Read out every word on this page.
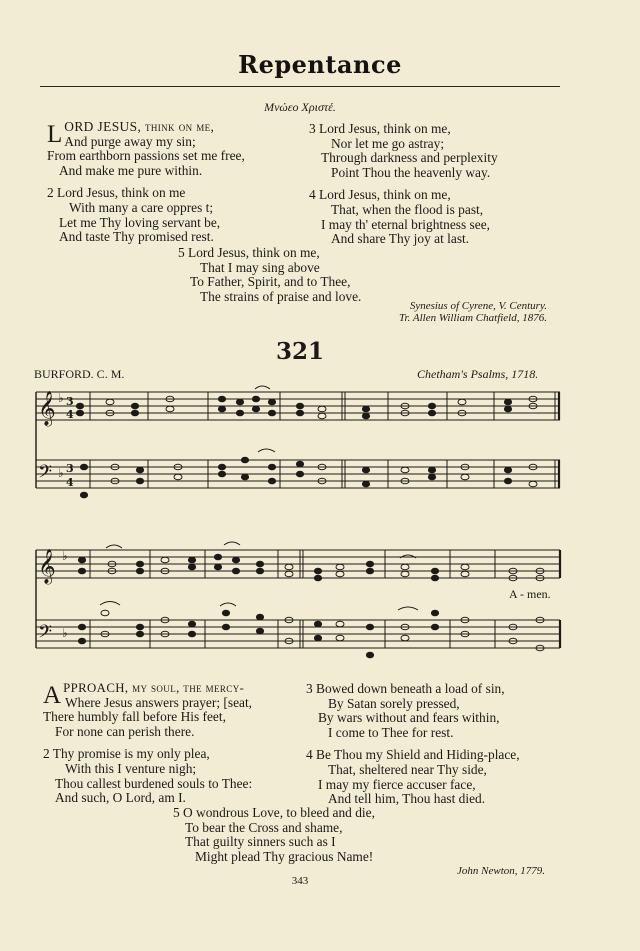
Repentance
Μνώεο Χριστέ.
L ORD JESUS, think on me,
And purge away my sin;
From earthborn passions set me free,
And make me pure within.
2 Lord Jesus, think on me
With many a care oppres t;
Let me Thy loving servant be,
And taste Thy promised rest.
3 Lord Jesus, think on me,
Nor let me go astray;
Through darkness and perplexity
Point Thou the heavenly way.
4 Lord Jesus, think on me,
That, when the flood is past,
I may th' eternal brightness see,
And share Thy joy at last.
5 Lord Jesus, think on me,
That I may sing above
To Father, Spirit, and to Thee,
The strains of praise and love.
Synesius of Cyrene, V. Century.
Tr. Allen William Chatfield, 1876.
321
BURFORD. C. M.	Chetham's Psalms, 1718.
𝄞
𝄢
♭
♭
3
4
3
4
𝄞
𝄢
♭
♭
A - men.
A PPROACH, my soul, the mercy-
Where Jesus answers prayer; [seat,
There humbly fall before His feet,
For none can perish there.
2 Thy promise is my only plea,
With this I venture nigh;
Thou callest burdened souls to Thee:
And such, O Lord, am I.
3 Bowed down beneath a load of sin,
By Satan sorely pressed,
By wars without and fears within,
I come to Thee for rest.
4 Be Thou my Shield and Hiding-place,
That, sheltered near Thy side,
I may my fierce accuser face,
And tell him, Thou hast died.
5 O wondrous Love, to bleed and die,
To bear the Cross and shame,
That guilty sinners such as I
Might plead Thy gracious Name!
John Newton, 1779.
343
